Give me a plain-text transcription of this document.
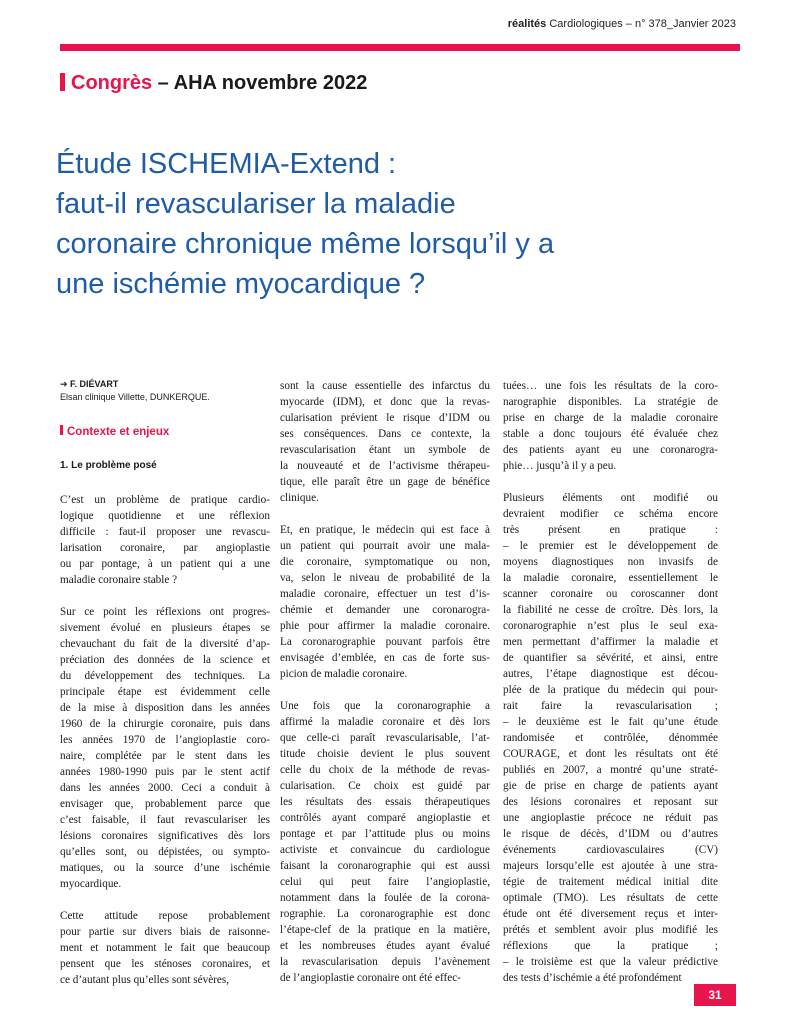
réalités Cardiologiques – n° 378_Janvier 2023
Congrès – AHA novembre 2022
Étude ISCHEMIA-Extend :
faut-il revasculariser la maladie
coronaire chronique même lorsqu’il y a
une ischémie myocardique ?
➔ F. DIÉVART
Elsan clinique Villette, DUNKERQUE.
Contexte et enjeux
1. Le problème posé

C’est un problème de pratique cardio-
logique quotidienne et une réflexion
difficile : faut-il proposer une revascu-
larisation coronaire, par angioplastie
ou par pontage, à un patient qui a une
maladie coronaire stable ?

Sur ce point les réflexions ont progres-
sivement évolué en plusieurs étapes se
chevauchant du fait de la diversité d’ap-
préciation des données de la science et
du développement des techniques. La
principale étape est évidemment celle
de la mise à disposition dans les années
1960 de la chirurgie coronaire, puis dans
les années 1970 de l’angioplastie coro-
naire, complétée par le stent dans les
années 1980-1990 puis par le stent actif
dans les années 2000. Ceci a conduit à
envisager que, probablement parce que
c’est faisable, il faut revasculariser les
lésions coronaires significatives dès lors
qu’elles sont, ou dépistées, ou sympto-
matiques, ou la source d’une ischémie
myocardique.

Cette attitude repose probablement
pour partie sur divers biais de raisonne-
ment et notamment le fait que beaucoup
pensent que les sténoses coronaires, et
ce d’autant plus qu’elles sont sévères,

sont la cause essentielle des infarctus du
myocarde (IDM), et donc que la revas-
cularisation prévient le risque d’IDM ou
ses conséquences. Dans ce contexte, la
revascularisation étant un symbole de
la nouveauté et de l’activisme thérapeu-
tique, elle paraît être un gage de bénéfice
clinique.

Et, en pratique, le médecin qui est face à
un patient qui pourrait avoir une mala-
die coronaire, symptomatique ou non,
va, selon le niveau de probabilité de la
maladie coronaire, effectuer un test d’is-
chémie et demander une coronarogra-
phie pour affirmer la maladie coronaire.
La coronarographie pouvant parfois être
envisagée d’emblée, en cas de forte sus-
picion de maladie coronaire.

Une fois que la coronarographie a
affirmé la maladie coronaire et dès lors
que celle-ci paraît revascularisable, l’at-
titude choisie devient le plus souvent
celle du choix de la méthode de revas-
cularisation. Ce choix est guidé par
les résultats des essais thérapeutiques
contrôlés ayant comparé angioplastie et
pontage et par l’attitude plus ou moins
activiste et convaincue du cardiologue
faisant la coronarographie qui est aussi
celui qui peut faire l’angioplastie,
notamment dans la foulée de la corona-
rographie. La coronarographie est donc
l’étape-clef de la pratique en la matière,
et les nombreuses études ayant évalué
la revascularisation depuis l’avènement
de l’angioplastie coronaire ont été effec-

tuées… une fois les résultats de la coro-
narographie disponibles. La stratégie de
prise en charge de la maladie coronaire
stable a donc toujours été évaluée chez
des patients ayant eu une coronarogra-
phie… jusqu’à il y a peu.

Plusieurs éléments ont modifié ou
devraient modifier ce schéma encore
très présent en pratique :
– le premier est le développement de
moyens diagnostiques non invasifs de
la maladie coronaire, essentiellement le
scanner coronaire ou coroscanner dont
la fiabilité ne cesse de croître. Dès lors, la
coronarographie n’est plus le seul exa-
men permettant d’affirmer la maladie et
de quantifier sa sévérité, et ainsi, entre
autres, l’étape diagnostique est décou-
plée de la pratique du médecin qui pour-
rait faire la revascularisation ;
– le deuxième est le fait qu’une étude
randomisée et contrôlée, dénommée
COURAGE, et dont les résultats ont été
publiés en 2007, a montré qu’une straté-
gie de prise en charge de patients ayant
des lésions coronaires et reposant sur
une angioplastie précoce ne réduit pas
le risque de décès, d’IDM ou d’autres
événements cardiovasculaires (CV)
majeurs lorsqu’elle est ajoutée à une stra-
tégie de traitement médical initial dite
optimale (TMO). Les résultats de cette
étude ont été diversement reçus et inter-
prétés et semblent avoir plus modifié les
réflexions que la pratique ;
– le troisième est que la valeur prédictive
des tests d’ischémie a été profondément

31
